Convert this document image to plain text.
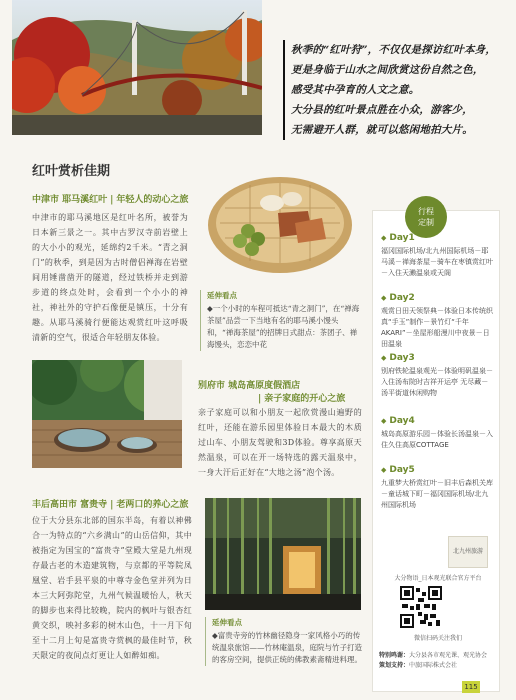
秋季的“红叶狩”，不仅仅是探访红叶本身，

更是身临于山水之间欣赏这份自然之色，

感受其中孕育的人文之意。

大分县的红叶景点胜在小众，游客少，

无需避开人群，就可以悠闲地拍大片。

红叶赏析佳期
中津市 耶马溪红叶 | 年轻人的动心之旅

中津市的耶马溪地区是红叶名所，被誉为日本新三景之一。其中古罗汉寺前岩壁上的大小小的观光，延绵约2千米。“青之洞门”的秋季，到是因为古时僧侣禅海在岩壁间用锤凿凿开的隧道，经过铁桥并走到游步道的终点处时，会看到一个小小的神社，神社外的守护石像便是镇压，十分有趣。从耶马溪骑行便能达观赏红叶这呼吸清新的空气，很适合年轻朋友体验。

延伸看点
◆一个小时的车程可抵达“青之洞门”，在“禅海茶屋”品尝一下当地有名的耶马溪小馒头和，“禅海茶屋”的招牌日式甜点：茶团子、禅海馒头，恋恋中花
别府市 城岛高原度假酒店
| 亲子家庭的开心之旅

亲子家庭可以和小朋友一起欣赏漫山遍野的红叶，还能在游乐园里体验日本最大的木质过山车、小朋友驾驶和3D体验。尊享高原天然温泉，可以在开一场特选的露天温泉中，一身大汗后正好在“大地之汤”泡个汤。

丰后高田市 富贵寺 | 老两口的养心之旅

位于大分县东北部的国东半岛，有着以神佛合一为特点的“六乡满山”的山岳信仰，其中被指定为国宝的“富贵寺”堂殿大堂是九州现存最古老的木造建筑物，与京都的平等院凤凰堂、岩手县平泉的中尊寺金色堂并列为日本三大阿弥陀堂，九州气候温暖怡人，秋天的脚步也来得比较晚，院内的枫叶与银杏红黄交织，映衬多彩的树木山色，十一月下旬至十二月上旬是富贵寺赏枫的最佳时节，秋天限定的夜间点灯更让人如醉如痴。

延伸看点
◆富贵寺旁的竹林幽径隐身一家风格小巧的传统温泉旅馆——竹林庵温泉，庭院与竹子打造的客房空间，提供正统的佛教素斋精进料理。
◆ Day1
福冈国际机场/北九州国际机场－耶马溪－禅海茶屋－骑车在枣镇赏红叶－入住天濑温泉或天阁
◆ Day2
观赏日田天领祭典－体验日本传统织真“手玉”制作－景竹灯“千年AKARI”－坐屋形船漫川中夜景－日田温泉
◆ Day3
别府铁轮温泉观光－体验明矾温泉－入住汤布院时吉祥开运亭 无尽藏－汤平街道休闲购物
◆ Day4
城岛高原游乐园－体验长汤温泉－入住久住高原COTTAGE
◆ Day5
九重梦大桥赏红叶－旧丰后森机关库－童话城下町－福冈国际机场/北九州国际机场
北九州旅游
大分物语_日本观光联合官方平台
微信扫码关注我们
特别鸣谢：大分县各市观光课、观光协会
策划支持：中旅国际株式会社
行程
定制
115
